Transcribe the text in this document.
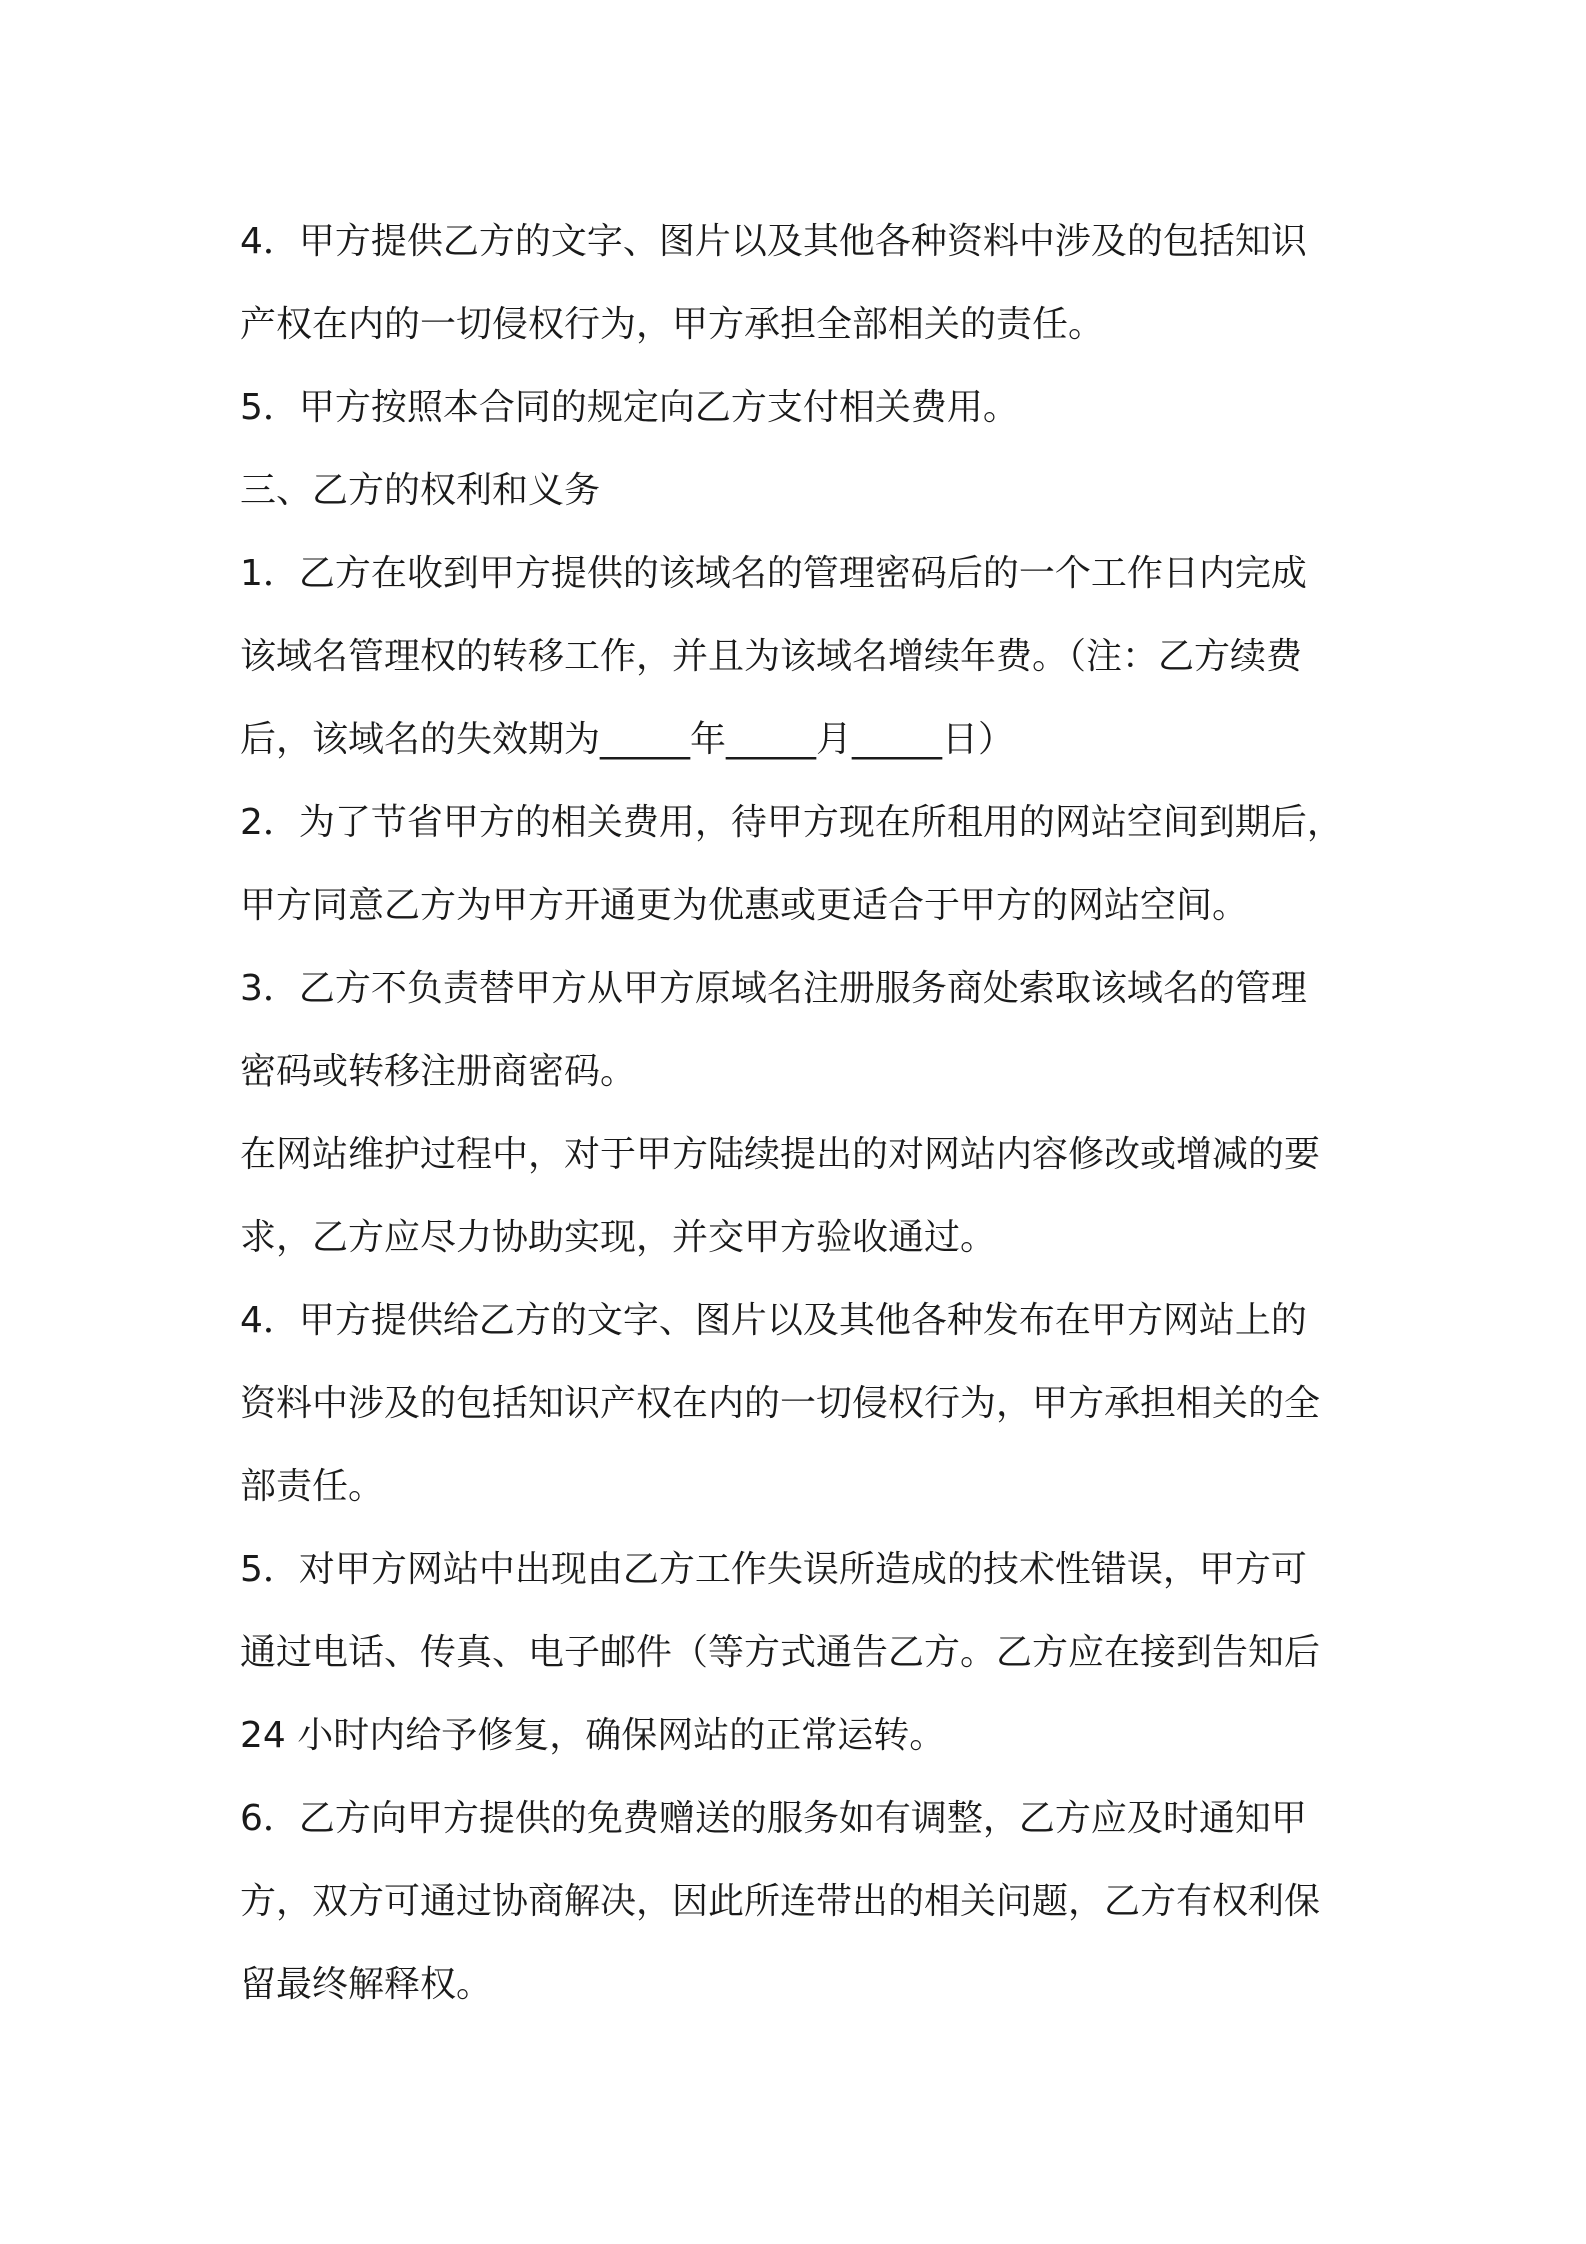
4．甲方提供乙方的文字、图片以及其他各种资料中涉及的包括知识
产权在内的一切侵权行为，甲方承担全部相关的责任。

5．甲方按照本合同的规定向乙方支付相关费用。

三、乙方的权利和义务

1．乙方在收到甲方提供的该域名的管理密码后的一个工作日内完成
该域名管理权的转移工作，并且为该域名增续年费。（注：乙方续费
后，该域名的失效期为_____年_____月_____日）

2．为了节省甲方的相关费用，待甲方现在所租用的网站空间到期后，
甲方同意乙方为甲方开通更为优惠或更适合于甲方的网站空间。

3．乙方不负责替甲方从甲方原域名注册服务商处索取该域名的管理
密码或转移注册商密码。

在网站维护过程中，对于甲方陆续提出的对网站内容修改或增减的要
求，乙方应尽力协助实现，并交甲方验收通过。

4．甲方提供给乙方的文字、图片以及其他各种发布在甲方网站上的
资料中涉及的包括知识产权在内的一切侵权行为，甲方承担相关的全
部责任。

5．对甲方网站中出现由乙方工作失误所造成的技术性错误，甲方可
通过电话、传真、电子邮件（等方式通告乙方。乙方应在接到告知后
24 小时内给予修复，确保网站的正常运转。

6．乙方向甲方提供的免费赠送的服务如有调整，乙方应及时通知甲
方，双方可通过协商解决，因此所连带出的相关问题，乙方有权利保
留最终解释权。
